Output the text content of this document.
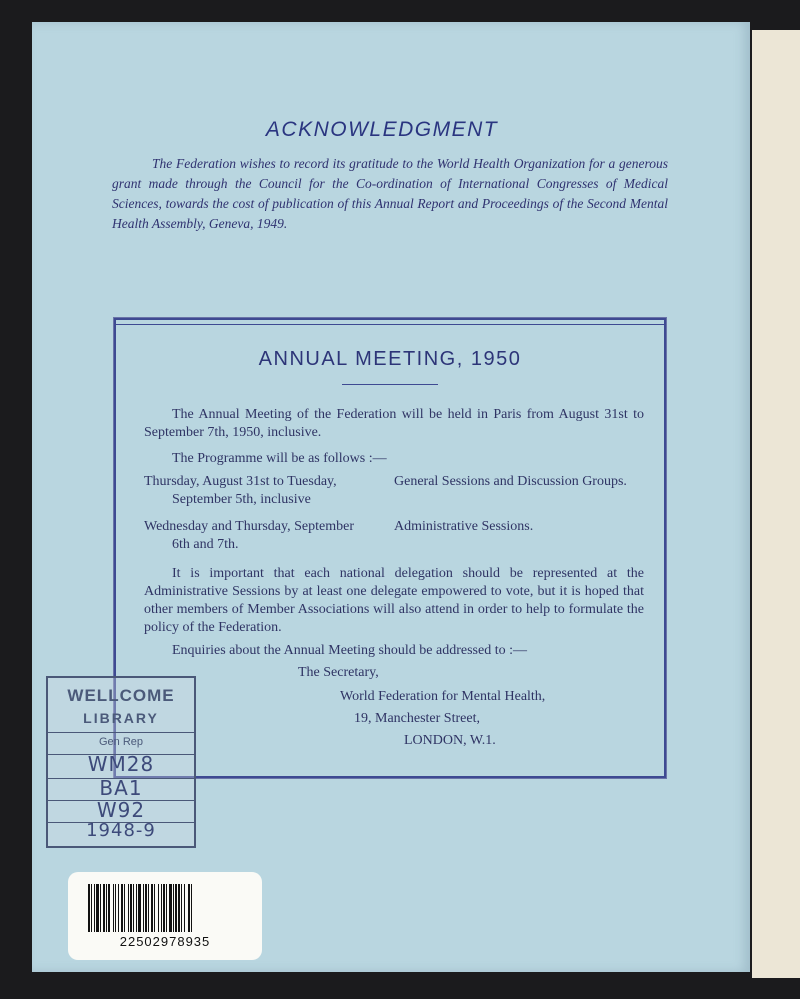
ACKNOWLEDGMENT
The Federation wishes to record its gratitude to the World Health Organization for a generous grant made through the Council for the Co-ordination of International Congresses of Medical Sciences, towards the cost of publication of this Annual Report and Proceedings of the Second Mental Health Assembly, Geneva, 1949.
ANNUAL MEETING, 1950
The Annual Meeting of the Federation will be held in Paris from August 31st to September 7th, 1950, inclusive.
The Programme will be as follows :—
Thursday, August 31st to Tuesday,
September 5th, inclusive
General Sessions and Discussion Groups.
Wednesday and Thursday, September
6th and 7th.
Administrative Sessions.
It is important that each national delegation should be represented at the Administrative Sessions by at least one delegate empowered to vote, but it is hoped that other members of Member Associations will also attend in order to help to formulate the policy of the Federation.
Enquiries about the Annual Meeting should be addressed to :—
The Secretary,
World Federation for Mental Health,
19, Manchester Street,
LONDON, W.1.
WELLCOME
LIBRARY
Gen Rep
WM28
BA1
W92
1948-9
22502978935
